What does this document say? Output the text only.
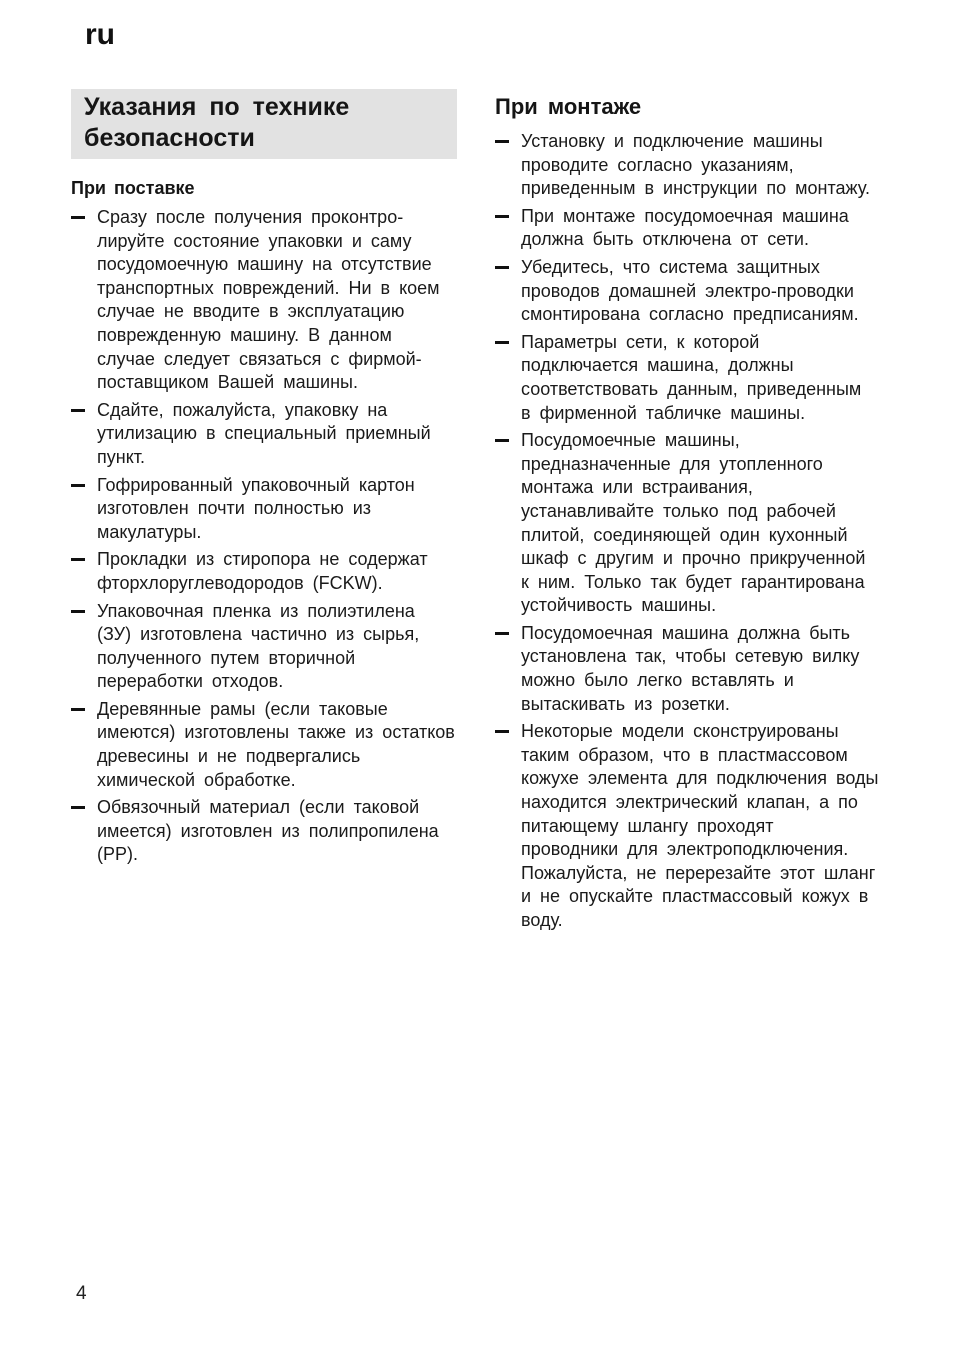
ru
Указания по технике
безопасности
При поставке
Сразу после получения проконтро-лируйте состояние упаковки и саму посудомоечную машину на отсутствие транспортных повреждений. Ни в коем случае не вводите в эксплуатацию поврежденную машину. В данном случае следует связаться с фирмой-поставщиком Вашей машины.
Сдайте, пожалуйста, упаковку на утилизацию в специальный приемный пункт.
Гофрированный упаковочный картон изготовлен почти полностью из макулатуры.
Прокладки из стиропора не содержат фторхлоруглеводородов (FCKW).
Упаковочная пленка из полиэтилена (ЗУ) изготовлена частично из сырья, полученного путем вторичной переработки отходов.
Деревянные рамы (если таковые имеются) изготовлены также из остатков древесины и не подвергались химической обработке.
Обвязочный материал (если таковой имеется) изготовлен из полипропилена (PP).
При монтаже
Установку и подключение машины проводите согласно указаниям, приведенным в инструкции по монтажу.
При монтаже посудомоечная машина должна быть отключена от сети.
Убедитесь, что система защитных проводов домашней электро-проводки смонтирована согласно предписаниям.
Параметры сети, к которой подключается машина, должны соответствовать данным, приведенным в фирменной табличке машины.
Посудомоечные машины, предназначенные для утопленного монтажа или встраивания, устанавливайте только под рабочей плитой, соединяющей один кухонный шкаф с другим и прочно прикрученной к ним. Только так будет гарантирована устойчивость машины.
Посудомоечная машина должна быть установлена так, чтобы сетевую вилку можно было легко вставлять и вытаскивать из розетки.
Некоторые модели сконструированы таким образом, что в пластмассовом кожухе элемента для подключения воды находится электрический клапан, а по питающему шлангу проходят проводники для электроподключения. Пожалуйста, не перерезайте этот шланг и не опускайте пластмассовый кожух в воду.
4
